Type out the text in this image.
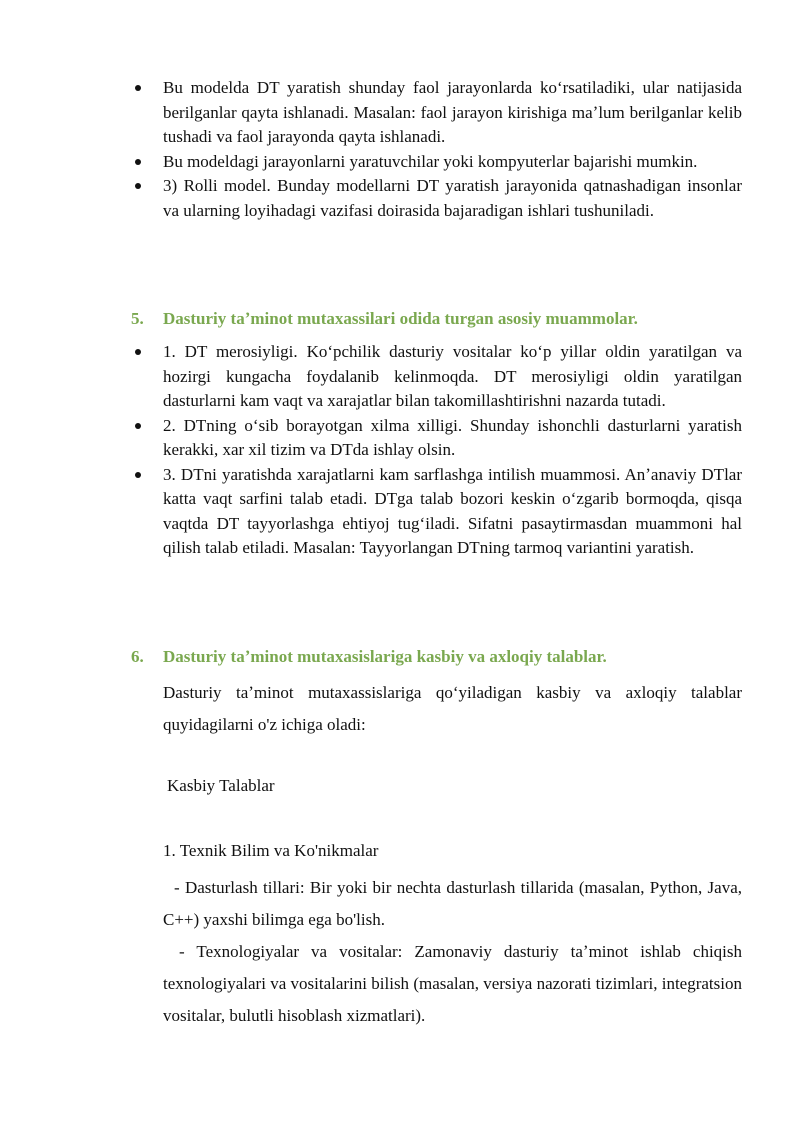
Bu modelda DT yaratish shunday faol jarayonlarda koʻrsatiladiki, ular natijasida berilganlar qayta ishlanadi. Masalan: faol jarayon kirishiga maʼlum berilganlar kelib tushadi va faol jarayonda qayta ishlanadi.
Bu modeldagi jarayonlarni yaratuvchilar yoki kompyuterlar bajarishi mumkin.
3) Rolli model. Bunday modellarni DT yaratish jarayonida qatnashadigan insonlar va ularning loyihadagi vazifasi doirasida bajaradigan ishlari tushuniladi.
5. Dasturiy taʼminot mutaxassilari odida turgan asosiy muammolar.
1. DT merosiyligi. Koʻpchilik dasturiy vositalar koʻp yillar oldin yaratilgan va hozirgi kungacha foydalanib kelinmoqda. DT merosiyligi oldin yaratilgan dasturlarni kam vaqt va xarajatlar bilan takomillashtirishni nazarda tutadi.
2. DTning oʻsib borayotgan xilma xilligi. Shunday ishonchli dasturlarni yaratish kerakki, xar xil tizim va DTda ishlay olsin.
3. DTni yaratishda xarajatlarni kam sarflashga intilish muammosi. Anʼanaviy DTlar katta vaqt sarfini talab etadi. DTga talab bozori keskin oʻzgarib bormoqda, qisqa vaqtda DT tayyorlashga ehtiyoj tugʻiladi. Sifatni pasaytirmasdan muammoni hal qilish talab etiladi. Masalan: Tayyorlangan DTning tarmoq variantini yaratish.
6. Dasturiy taʼminot mutaxasislariga kasbiy va axloqiy talablar.

Dasturiy taʼminot mutaxassislariga qoʻyiladigan kasbiy va axloqiy talablar quyidagilarni o'z ichiga oladi:

Kasbiy Talablar

1. Texnik Bilim va Ko'nikmalar

- Dasturlash tillari: Bir yoki bir nechta dasturlash tillarida (masalan, Python, Java, C++) yaxshi bilimga ega bo'lish.

- Texnologiyalar va vositalar: Zamonaviy dasturiy taʼminot ishlab chiqish texnologiyalari va vositalarini bilish (masalan, versiya nazorati tizimlari, integratsion vositalar, bulutli hisoblash xizmatlari).
